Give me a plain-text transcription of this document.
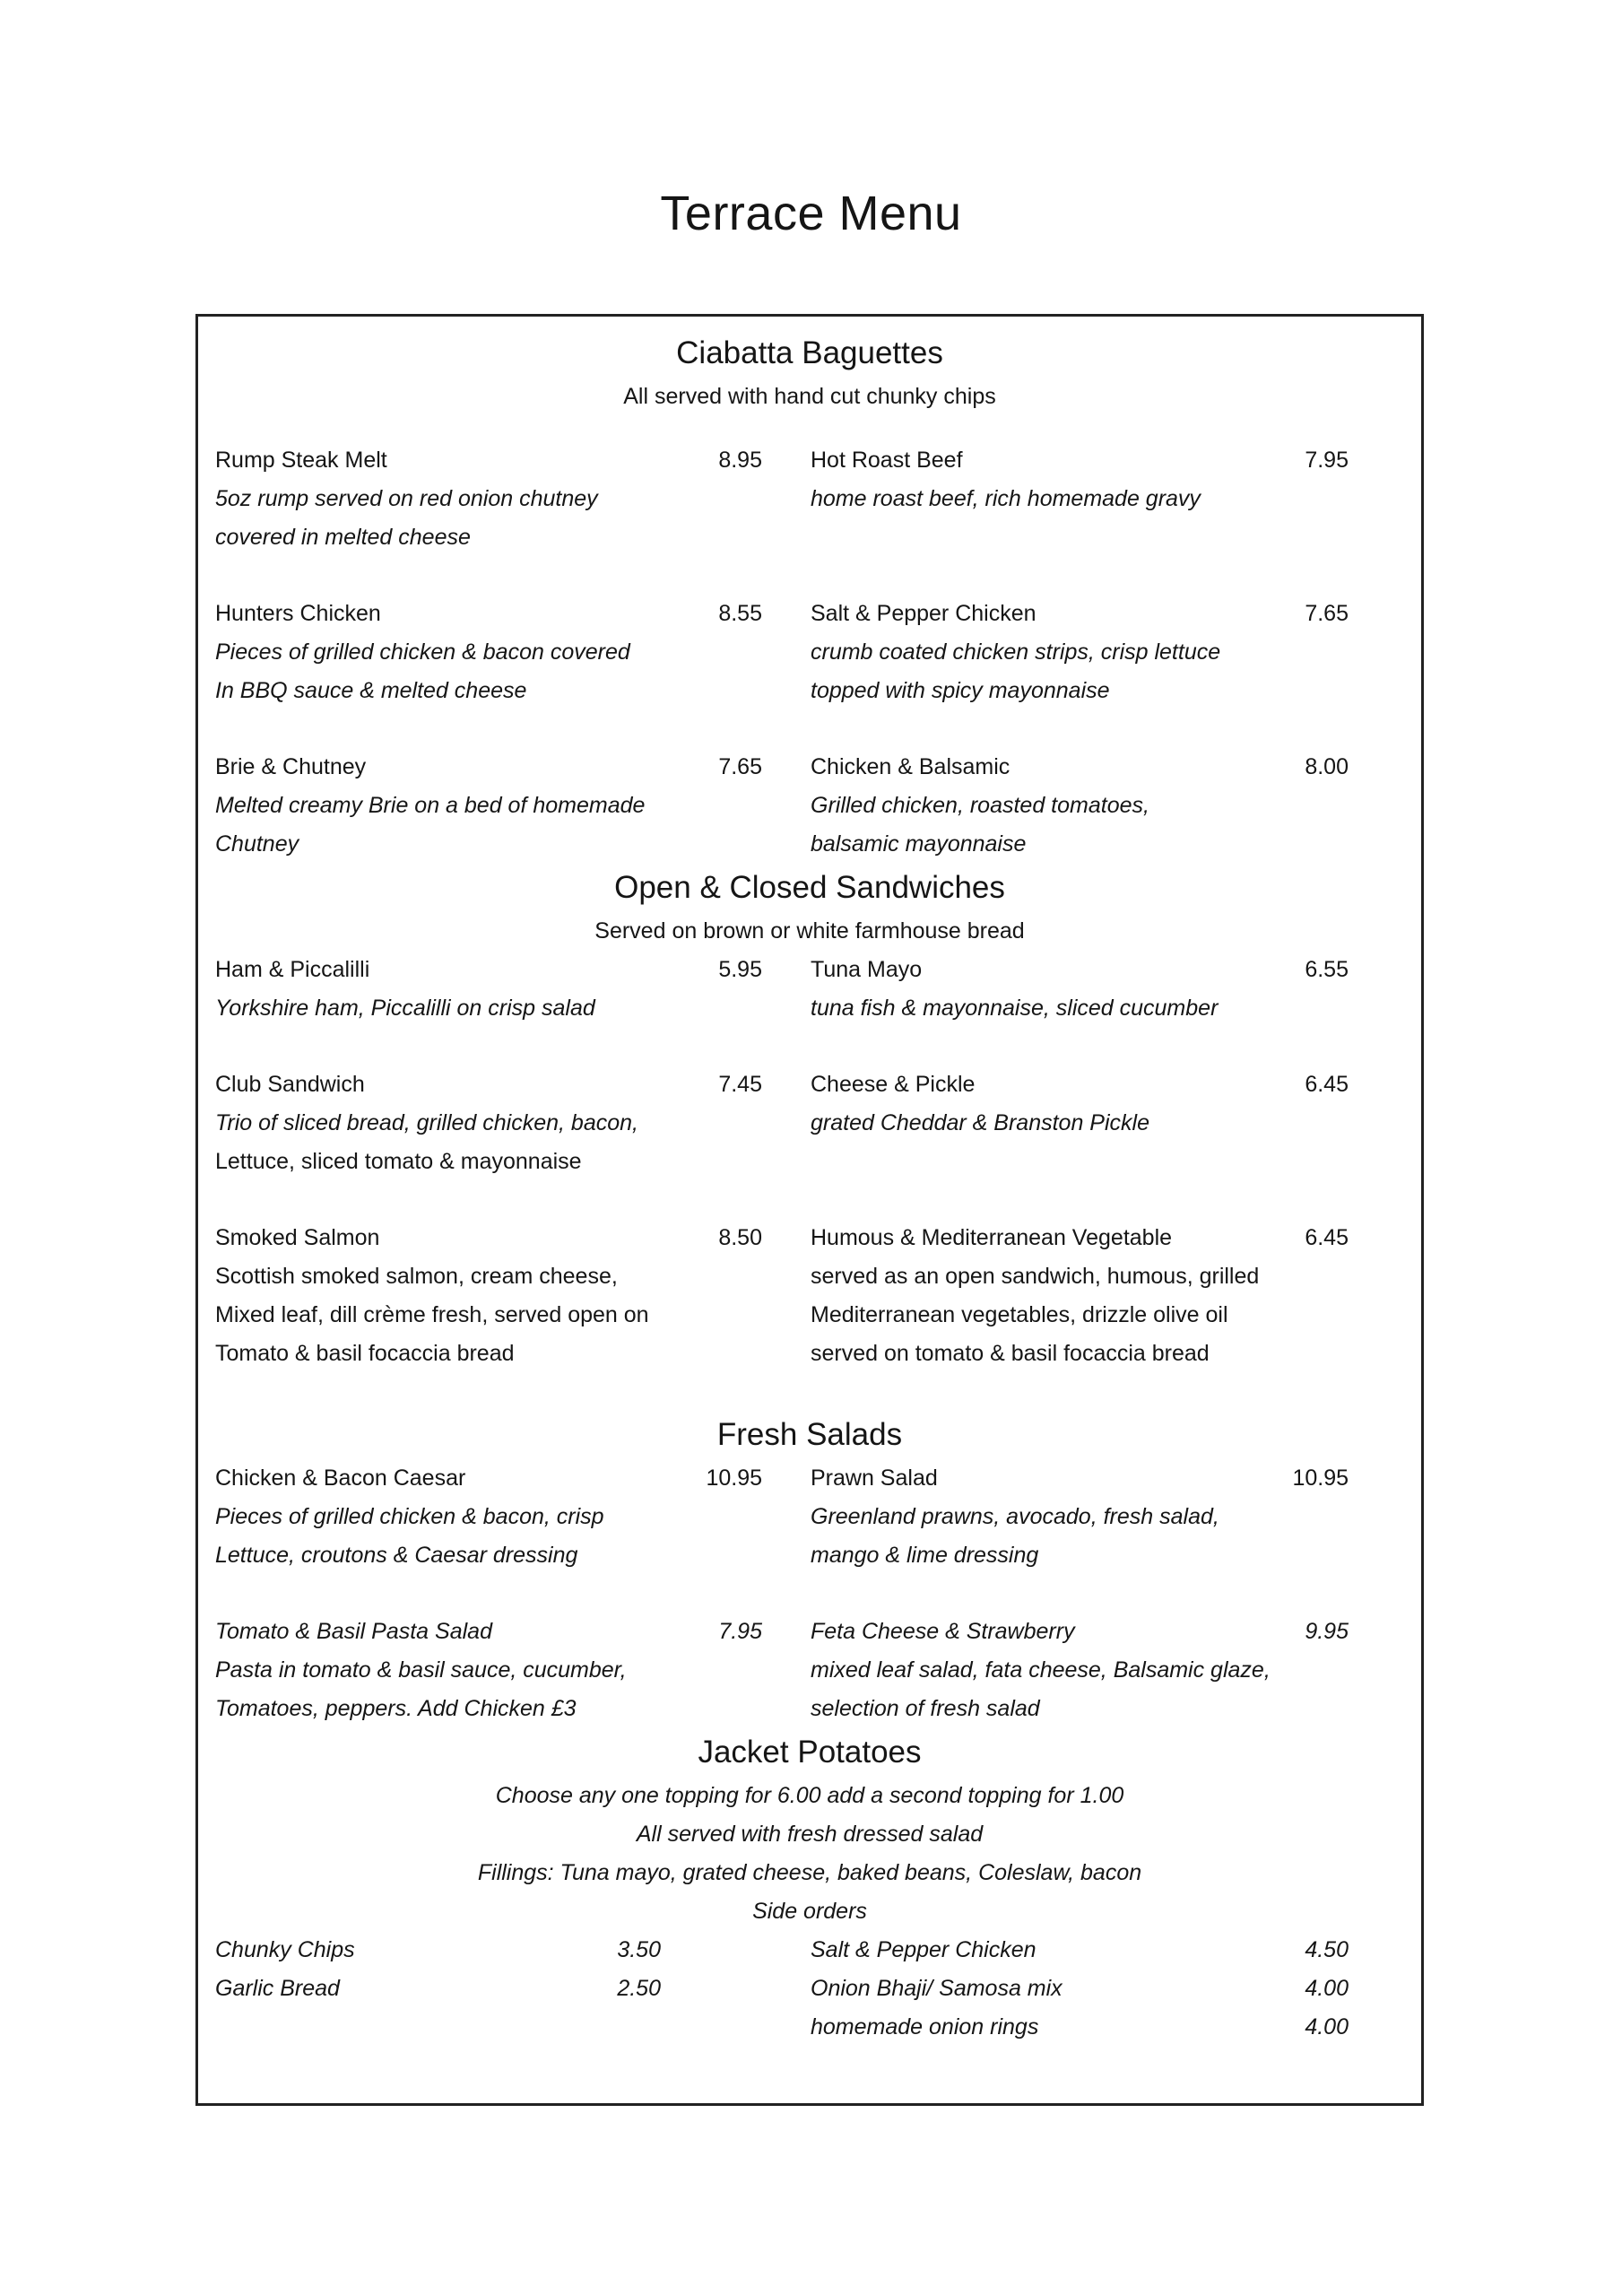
Terrace Menu
Ciabatta Baguettes
All served with hand cut chunky chips
Rump Steak Melt	8.95
5oz rump served on red onion chutney
covered in melted cheese
Hot Roast Beef	7.95
home roast beef, rich homemade gravy
Hunters Chicken	8.55
Pieces of grilled chicken & bacon covered
In BBQ sauce & melted cheese
Salt & Pepper Chicken	7.65
crumb coated chicken strips, crisp lettuce
topped with spicy mayonnaise
Brie & Chutney	7.65
Melted creamy Brie on a bed of homemade
Chutney
Chicken & Balsamic	8.00
Grilled chicken, roasted tomatoes,
balsamic mayonnaise
Open & Closed Sandwiches
Served on brown or white farmhouse bread
Ham & Piccalilli	5.95
Yorkshire ham, Piccalilli on crisp salad
Tuna Mayo	6.55
tuna fish & mayonnaise, sliced cucumber
Club Sandwich	7.45
Trio of sliced bread, grilled chicken, bacon,
Lettuce, sliced tomato & mayonnaise
Cheese & Pickle	6.45
grated Cheddar & Branston Pickle
Smoked Salmon	8.50
Scottish smoked salmon, cream cheese,
Mixed leaf, dill crème fresh, served open on
Tomato & basil focaccia bread
Humous & Mediterranean Vegetable	6.45
served as an open sandwich, humous, grilled
Mediterranean vegetables, drizzle olive oil
served on tomato & basil focaccia bread
Fresh Salads
Chicken & Bacon Caesar	10.95
Pieces of grilled chicken & bacon, crisp
Lettuce, croutons & Caesar dressing
Prawn Salad	10.95
Greenland prawns, avocado, fresh salad,
mango & lime dressing
Tomato & Basil Pasta Salad	7.95
Pasta in tomato & basil sauce, cucumber,
Tomatoes, peppers. Add Chicken £3
Feta Cheese & Strawberry	9.95
mixed leaf salad, fata cheese, Balsamic glaze,
selection of fresh salad
Jacket Potatoes
Choose any one topping for 6.00 add a second topping for 1.00
All served with fresh dressed salad
Fillings: Tuna mayo, grated cheese, baked beans, Coleslaw, bacon
Side orders
Chunky Chips	3.50	Salt & Pepper Chicken	4.50
Garlic Bread	2.50	Onion Bhaji/ Samosa mix	4.00
homemade onion rings	4.00
